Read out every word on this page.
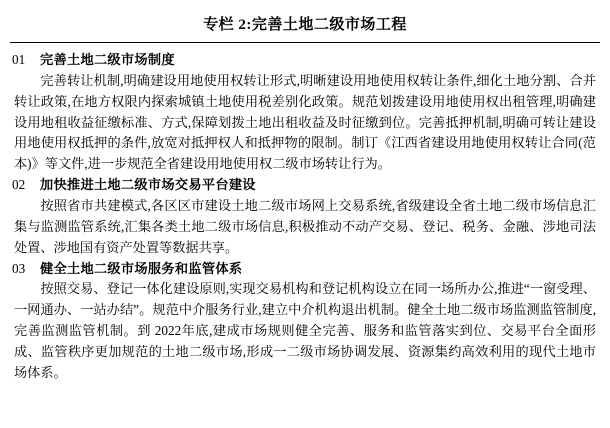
专栏 2:完善土地二级市场工程
01	完善土地二级市场制度

完善转让机制,明确建设用地使用权转让形式,明晰建设用地使用权转让条件,细化土地分割、合并转让政策,在地方权限内探索城镇土地使用税差别化政策。规范划拨建设用地使用权出租管理,明确建设用地租收益征缴标准、方式,保障划拨土地出租收益及时征缴到位。完善抵押机制,明确可转让建设用地使用权抵押的条件,放宽对抵押权人和抵押物的限制。制订《江西省建设用地使用权转让合同(范本)》等文件,进一步规范全省建设用地使用权二级市场转让行为。

02	加快推进土地二级市场交易平台建设

按照省市共建模式,各区区市建设土地二级市场网上交易系统,省级建设全省土地二级市场信息汇集与监测监管系统,汇集各类土地二级市场信息,积极推动不动产交易、登记、税务、金融、涉地司法处置、涉地国有资产处置等数据共享。

03	健全土地二级市场服务和监管体系

按照交易、登记一体化建设原则,实现交易机构和登记机构设立在同一场所办公,推进“一窗受理、一网通办、一站办结”。规范中介服务行业,建立中介机构退出机制。健全土地二级市场监测监管制度,完善监测监管机制。到 2022年底,建成市场规则健全完善、服务和监管落实到位、交易平台全面形成、监管秩序更加规范的土地二级市场,形成一二级市场协调发展、资源集约高效利用的现代土地市场体系。
